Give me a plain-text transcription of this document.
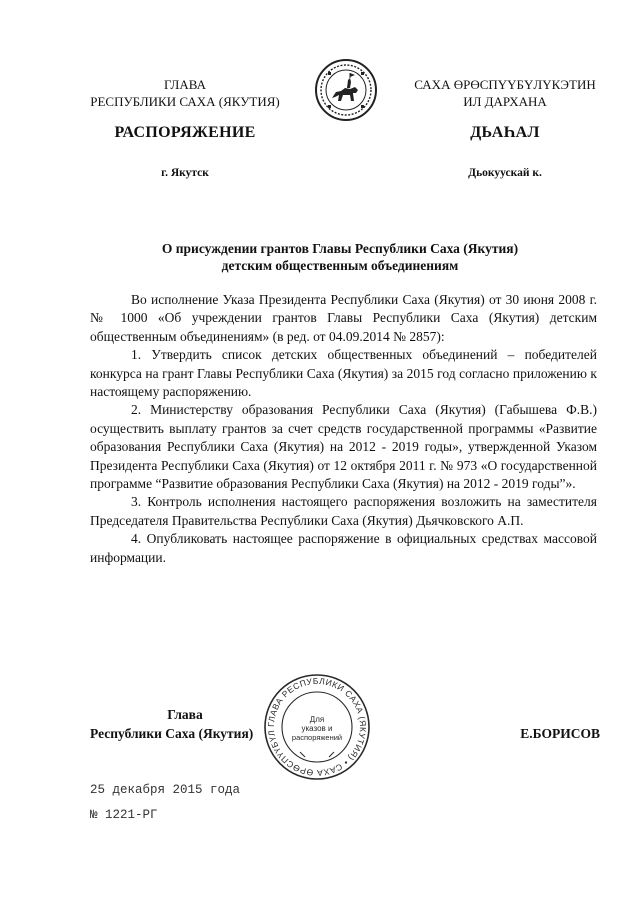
ГЛАВА
РЕСПУБЛИКИ САХА (ЯКУТИЯ)
САХА ӨРӨСПҮҮБҮЛҮКЭТИН
ИЛ ДАРХАНА
РАСПОРЯЖЕНИЕ	ДЬАҺАЛ
г. Якутск	Дьокуускай к.
О присуждении грантов Главы Республики Саха (Якутия)
детским общественным объединениям

Во исполнение Указа Президента Республики Саха (Якутия) от 30 июня 2008 г. № 1000 «Об учреждении грантов Главы Республики Саха (Якутия) детским общественным объединениям» (в ред. от 04.09.2014 № 2857):

1. Утвердить список детских общественных объединений – победителей конкурса на грант Главы Республики Саха (Якутия) за 2015 год согласно приложению к настоящему распоряжению.

2. Министерству образования Республики Саха (Якутия) (Габышева Ф.В.) осуществить выплату грантов за счет средств государственной программы «Развитие образования Республики Саха (Якутия) на 2012 - 2019 годы», утвержденной Указом Президента Республики Саха (Якутия) от 12 октября 2011 г. № 973 «О государственной программе “Развитие образования Республики Саха (Якутия) на 2012 - 2019 годы”».

3. Контроль исполнения настоящего распоряжения возложить на заместителя Председателя Правительства Республики Саха (Якутия) Дьячковского А.П.

4. Опубликовать настоящее распоряжение в официальных средствах массовой информации.

Глава
Республики Саха (Якутия)	Е.БОРИСОВ
ГЛАВА РЕСПУБЛИКИ САХА (ЯКУТИЯ) • САХА ӨРӨСПҮҮБҮЛ
Для
указов и
распоряжений
25 декабря 2015 года
№ 1221-РГ
